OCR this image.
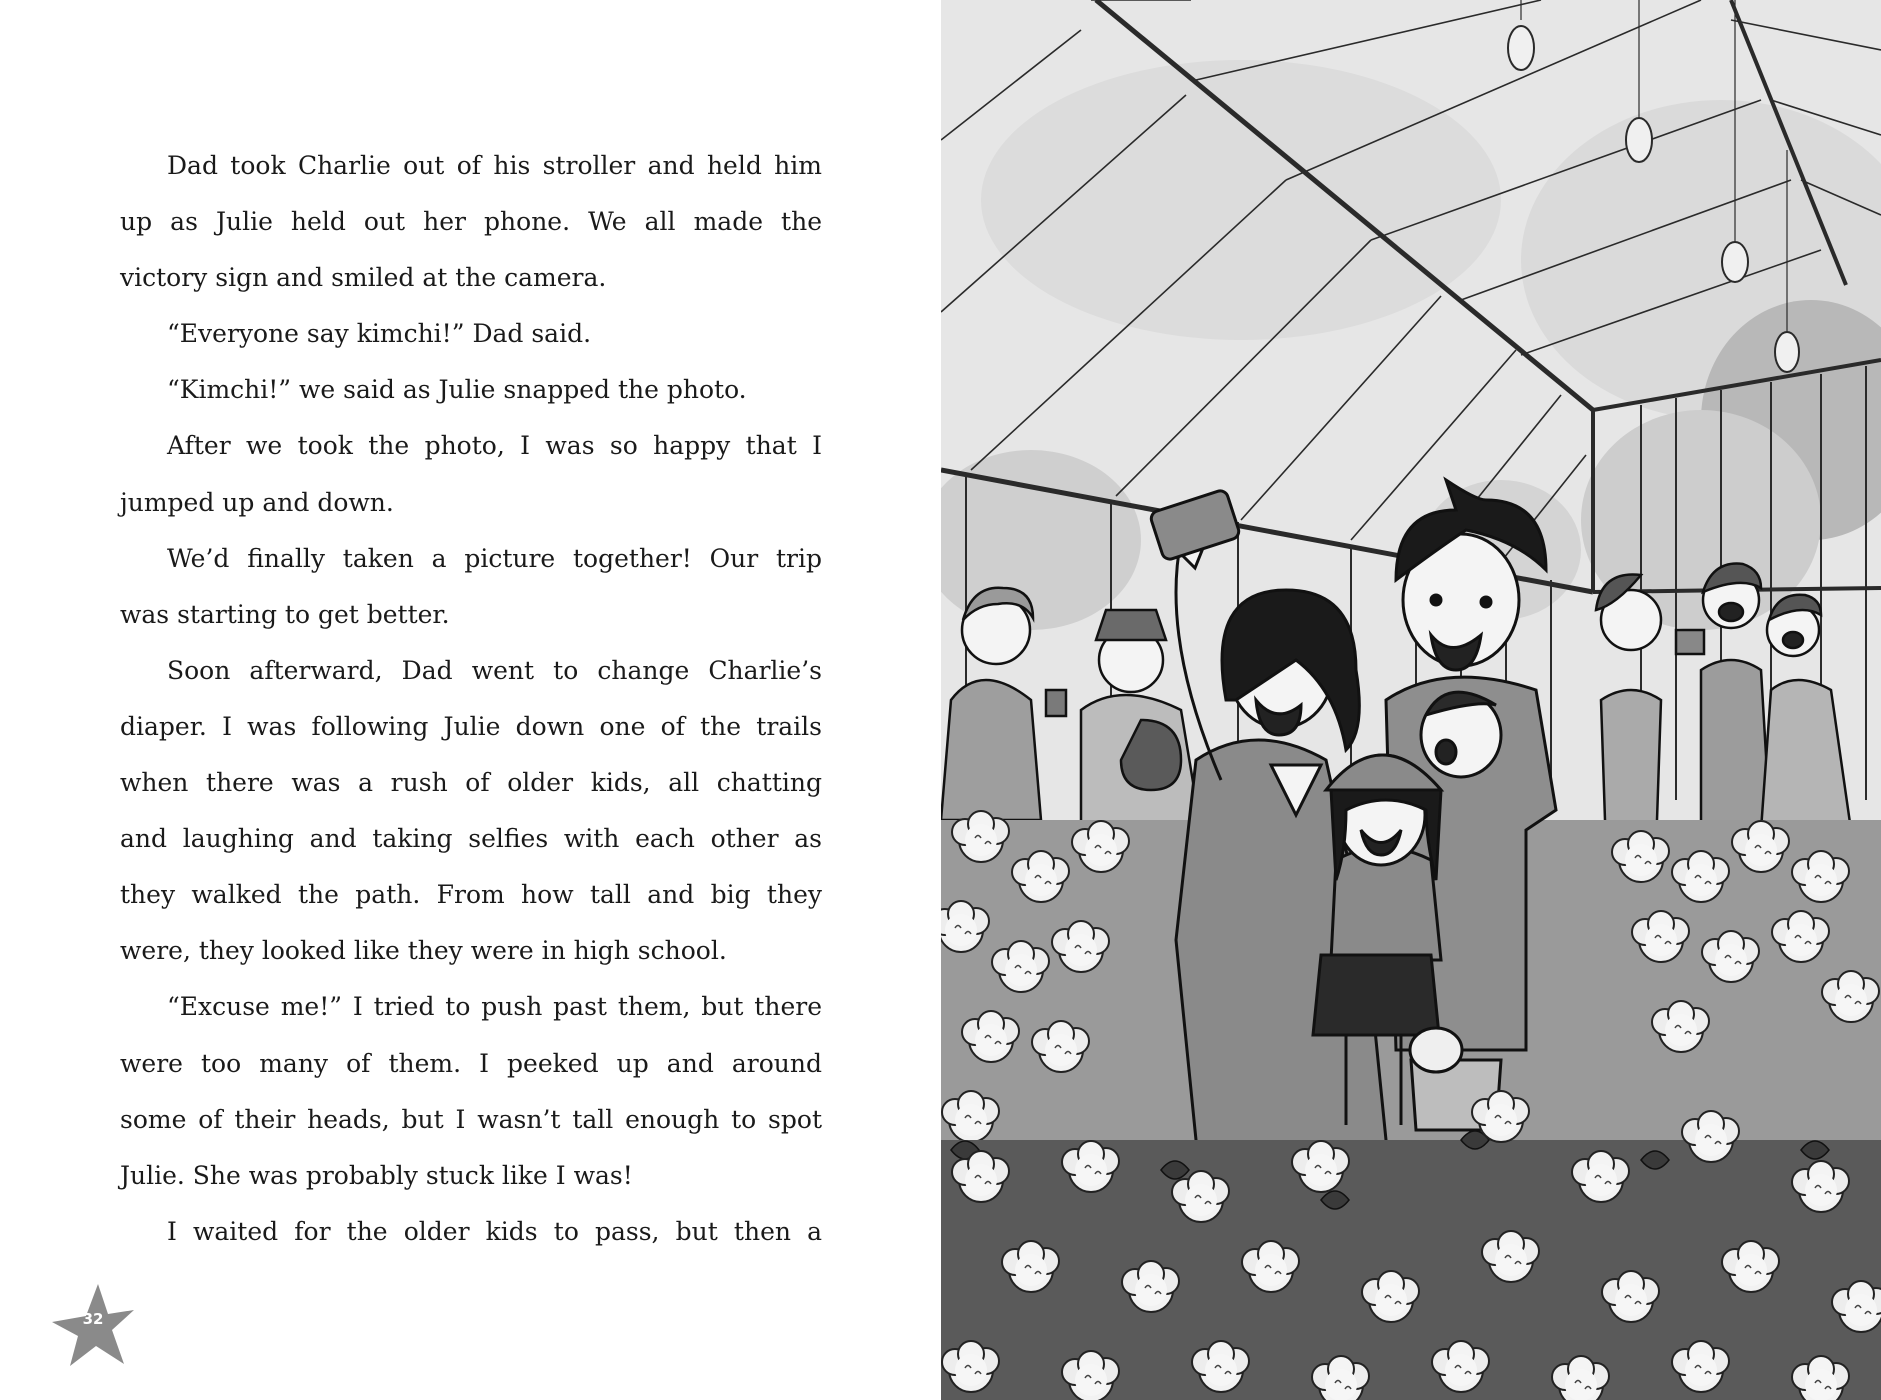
Dad took Charlie out of his stroller and held him
up as Julie held out her phone. We all made the
victory sign and smiled at the camera.
“Everyone say kimchi!” Dad said.
“Kimchi!” we said as Julie snapped the photo.
After we took the photo, I was so happy that I
jumped up and down.
We’d finally taken a picture together! Our trip
was starting to get better.
Soon afterward, Dad went to change Charlie’s
diaper. I was following Julie down one of the trails
when there was a rush of older kids, all chatting
and laughing and taking selfies with each other as
they walked the path. From how tall and big they
were, they looked like they were in high school.
“Excuse me!” I tried to push past them, but there
were too many of them. I peeked up and around
some of their heads, but I wasn’t tall enough to spot
Julie. She was probably stuck like I was!
I waited for the older kids to pass, but then a
32
